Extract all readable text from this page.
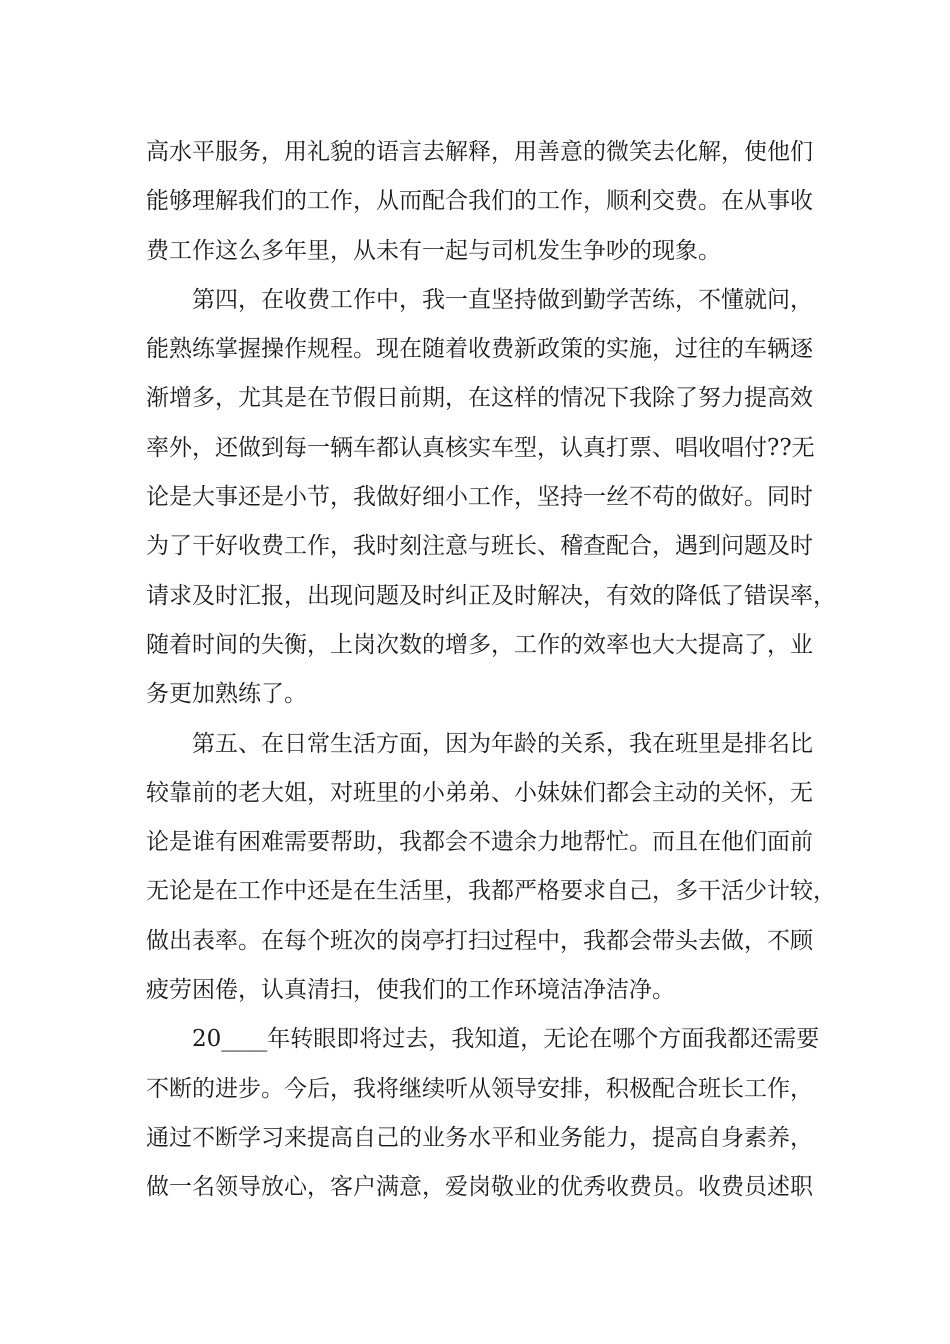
高水平服务，用礼貌的语言去解释，用善意的微笑去化解，使他们
能够理解我们的工作，从而配合我们的工作，顺利交费。在从事收
费工作这么多年里，从未有一起与司机发生争吵的现象。
第四，在收费工作中，我一直坚持做到勤学苦练，不懂就问，
能熟练掌握操作规程。现在随着收费新政策的实施，过往的车辆逐
渐增多，尤其是在节假日前期，在这样的情况下我除了努力提高效
率外，还做到每一辆车都认真核实车型，认真打票、唱收唱付??无
论是大事还是小节，我做好细小工作，坚持一丝不苟的做好。同时
为了干好收费工作，我时刻注意与班长、稽查配合，遇到问题及时
请求及时汇报，出现问题及时纠正及时解决，有效的降低了错误率，
随着时间的失衡，上岗次数的增多，工作的效率也大大提高了，业
务更加熟练了。
第五、在日常生活方面，因为年龄的关系，我在班里是排名比
较靠前的老大姐，对班里的小弟弟、小妹妹们都会主动的关怀，无
论是谁有困难需要帮助，我都会不遗余力地帮忙。而且在他们面前
无论是在工作中还是在生活里，我都严格要求自己，多干活少计较，
做出表率。在每个班次的岗亭打扫过程中，我都会带头去做，不顾
疲劳困倦，认真清扫，使我们的工作环境洁净洁净。
20____年转眼即将过去，我知道，无论在哪个方面我都还需要
不断的进步。今后，我将继续听从领导安排，积极配合班长工作，
通过不断学习来提高自己的业务水平和业务能力，提高自身素养，
做一名领导放心，客户满意，爱岗敬业的优秀收费员。收费员述职
